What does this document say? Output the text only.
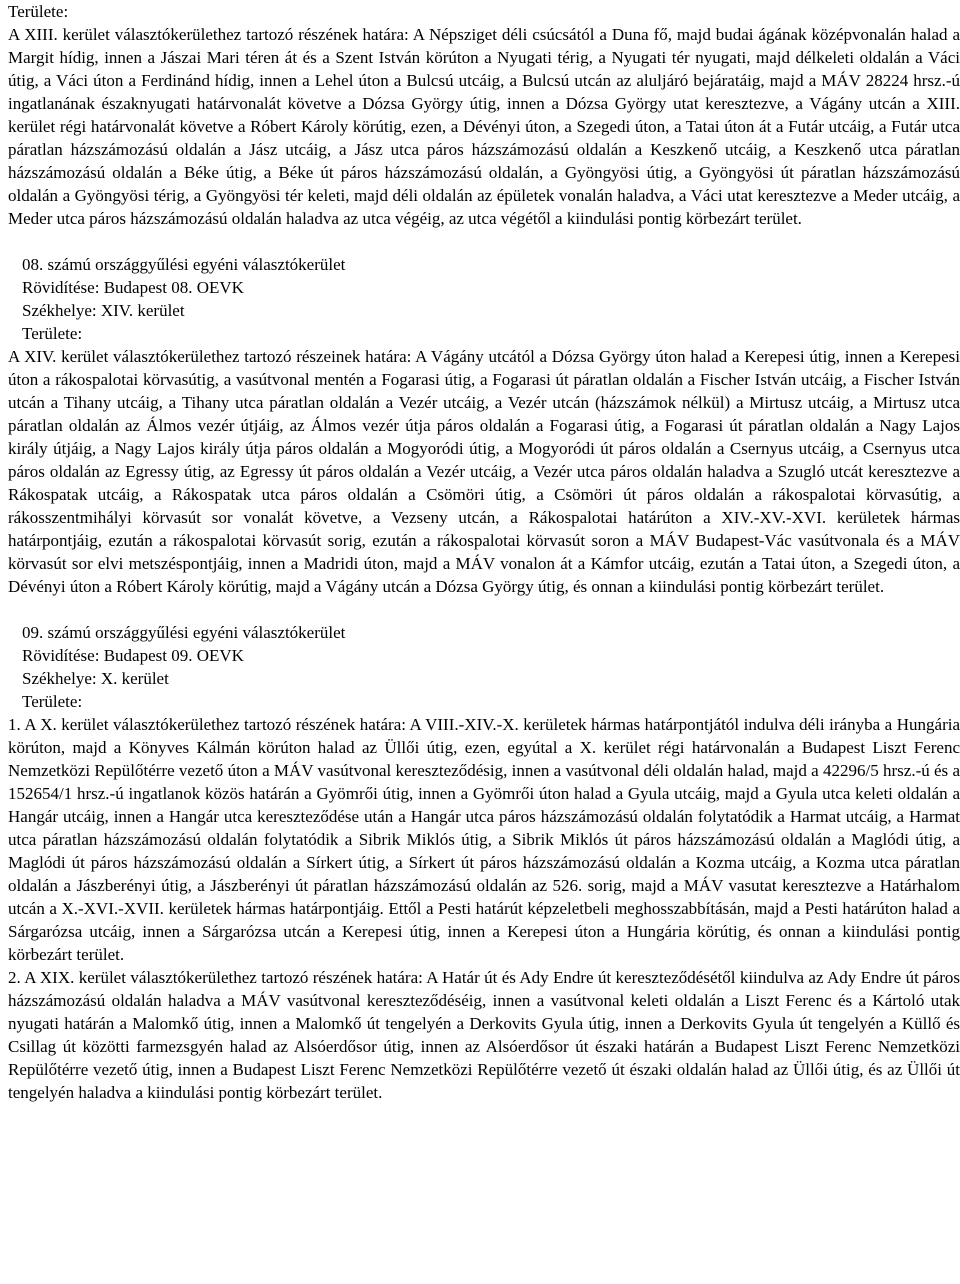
Területe:

A XIII. kerület választókerülethez tartozó részének határa: A Népsziget déli csúcsától a Duna fő, majd budai ágának középvonalán halad a Margit hídig, innen a Jászai Mari téren át és a Szent István körúton a Nyugati térig, a Nyugati tér nyugati, majd délkeleti oldalán a Váci útig, a Váci úton a Ferdinánd hídig, innen a Lehel úton a Bulcsú utcáig, a Bulcsú utcán az aluljáró bejáratáig, majd a MÁV 28224 hrsz.-ú ingatlanának északnyugati határvonalát követve a Dózsa György útig, innen a Dózsa György utat keresztezve, a Vágány utcán a XIII. kerület régi határvonalát követve a Róbert Károly körútig, ezen, a Dévényi úton, a Szegedi úton, a Tatai úton át a Futár utcáig, a Futár utca páratlan házszámozású oldalán a Jász utcáig, a Jász utca páros házszámozású oldalán a Keszkenő utcáig, a Keszkenő utca páratlan házszámozású oldalán a Béke útig, a Béke út páros házszámozású oldalán, a Gyöngyösi útig, a Gyöngyösi út páratlan házszámozású oldalán a Gyöngyösi térig, a Gyöngyösi tér keleti, majd déli oldalán az épületek vonalán haladva, a Váci utat keresztezve a Meder utcáig, a Meder utca páros házszámozású oldalán haladva az utca végéig, az utca végétől a kiindulási pontig körbezárt terület.

08. számú országgyűlési egyéni választókerület
Rövidítése: Budapest 08. OEVK
Székhelye: XIV. kerület
Területe:

A XIV. kerület választókerülethez tartozó részeinek határa: A Vágány utcától a Dózsa György úton halad a Kerepesi útig, innen a Kerepesi úton a rákospalotai körvasútig, a vasútvonal mentén a Fogarasi útig, a Fogarasi út páratlan oldalán a Fischer István utcáig, a Fischer István utcán a Tihany utcáig, a Tihany utca páratlan oldalán a Vezér utcáig, a Vezér utcán (házszámok nélkül) a Mirtusz utcáig, a Mirtusz utca páratlan oldalán az Álmos vezér útjáig, az Álmos vezér útja páros oldalán a Fogarasi útig, a Fogarasi út páratlan oldalán a Nagy Lajos király útjáig, a Nagy Lajos király útja páros oldalán a Mogyoródi útig, a Mogyoródi út páros oldalán a Csernyus utcáig, a Csernyus utca páros oldalán az Egressy útig, az Egressy út páros oldalán a Vezér utcáig, a Vezér utca páros oldalán haladva a Szugló utcát keresztezve a Rákospatak utcáig, a Rákospatak utca páros oldalán a Csömöri útig, a Csömöri út páros oldalán a rákospalotai körvasútig, a rákosszentmihályi körvasút sor vonalát követve, a Vezseny utcán, a Rákospalotai határúton a XIV.-XV.-XVI. kerületek hármas határpontjáig, ezután a rákospalotai körvasút sorig, ezután a rákospalotai körvasút soron a MÁV Budapest-Vác vasútvonala és a MÁV körvasút sor elvi metszéspontjáig, innen a Madridi úton, majd a MÁV vonalon át a Kámfor utcáig, ezután a Tatai úton, a Szegedi úton, a Dévényi úton a Róbert Károly körútig, majd a Vágány utcán a Dózsa György útig, és onnan a kiindulási pontig körbezárt terület.

09. számú országgyűlési egyéni választókerület
Rövidítése: Budapest 09. OEVK
Székhelye: X. kerület
Területe:

1. A X. kerület választókerülethez tartozó részének határa: A VIII.-XIV.-X. kerületek hármas határpontjától indulva déli irányba a Hungária körúton, majd a Könyves Kálmán körúton halad az Üllői útig, ezen, egyútal a X. kerület régi határvonalán a Budapest Liszt Ferenc Nemzetközi Repülőtérre vezető úton a MÁV vasútvonal kereszteződésig, innen a vasútvonal déli oldalán halad, majd a 42296/5 hrsz.-ú és a 152654/1 hrsz.-ú ingatlanok közös határán a Gyömrői útig, innen a Gyömrői úton halad a Gyula utcáig, majd a Gyula utca keleti oldalán a Hangár utcáig, innen a Hangár utca kereszteződése után a Hangár utca páros házszámozású oldalán folytatódik a Harmat utcáig, a Harmat utca páratlan házszámozású oldalán folytatódik a Sibrik Miklós útig, a Sibrik Miklós út páros házszámozású oldalán a Maglódi útig, a Maglódi út páros házszámozású oldalán a Sírkert útig, a Sírkert út páros házszámozású oldalán a Kozma utcáig, a Kozma utca páratlan oldalán a Jászberényi útig, a Jászberényi út páratlan házszámozású oldalán az 526. sorig, majd a MÁV vasutat keresztezve a Határhalom utcán a X.-XVI.-XVII. kerületek hármas határpontjáig. Ettől a Pesti határút képzeletbeli meghosszabbításán, majd a Pesti határúton halad a Sárgarózsa utcáig, innen a Sárgarózsa utcán a Kerepesi útig, innen a Kerepesi úton a Hungária körútig, és onnan a kiindulási pontig körbezárt terület.

2. A XIX. kerület választókerülethez tartozó részének határa: A Határ út és Ady Endre út kereszteződésétől kiindulva az Ady Endre út páros házszámozású oldalán haladva a MÁV vasútvonal kereszteződéséig, innen a vasútvonal keleti oldalán a Liszt Ferenc és a Kártoló utak nyugati határán a Malomkő útig, innen a Malomkő út tengelyén a Derkovits Gyula útig, innen a Derkovits Gyula út tengelyén a Küllő és Csillag út közötti farmezsgyén halad az Alsóerdősor útig, innen az Alsóerdősor út északi határán a Budapest Liszt Ferenc Nemzetközi Repülőtérre vezető útig, innen a Budapest Liszt Ferenc Nemzetközi Repülőtérre vezető út északi oldalán halad az Üllői útig, és az Üllői út tengelyén haladva a kiindulási pontig körbezárt terület.
